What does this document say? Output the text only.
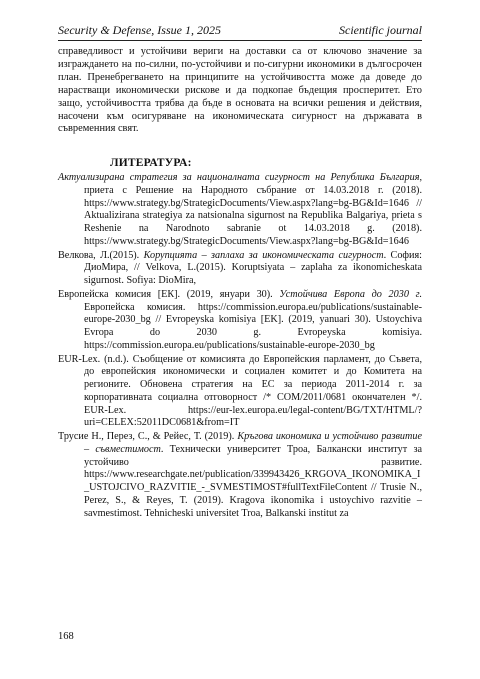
Security & Defense, Issue 1, 2025	Scientific journal

справедливост и устойчиви вериги на доставки са от ключово значение за изграждането на по-силни, по-устойчиви и по-сигурни икономики в дългосрочен план. Пренебрегването на принципите на устойчивостта може да доведе до нарастващи икономически рискове и да подкопае бъдещия просперитет. Ето защо, устойчивостта трябва да бъде в основата на всички решения и действия, насочени към осигуряване на икономическата сигурност на държавата в съвременния свят.

ЛИТЕРАТУРА:

Актуализирана стратегия за националната сигурност на Република България, приета с Решение на Народното събрание от 14.03.2018 г. (2018). https://www.strategy.bg/StrategicDocuments/View.aspx?lang=bg-BG&Id=1646 // Aktualizirana strategiya za natsionalna sigurnost na Republika Balgariya, prieta s Reshenie na Narodnoto sabranie ot 14.03.2018 g. (2018). https://www.strategy.bg/StrategicDocuments/View.aspx?lang=bg-BG&Id=1646

Велкова, Л.(2015). Корупцията – заплаха за икономическата сигурност. София: ДиоМира, // Velkova, L.(2015). Koruptsiyata – zaplaha za ikonomicheskata sigurnost. Sofiya: DioMira,

Европейска комисия [ЕК]. (2019, януари 30). Устойчива Европа до 2030 г. Европейска комисия. https://commission.europa.eu/publications/sustainable-europe-2030_bg // Evropeyska komisiya [EK]. (2019, yanuari 30). Ustoychiva Evropa do 2030 g. Evropeyska komisiya. https://commission.europa.eu/publications/sustainable-europe-2030_bg

EUR-Lex. (n.d.). Съобщение от комисията до Европейския парламент, до Съвета, до европейския икономически и социален комитет и до Комитета на регионите. Обновена стратегия на ЕС за периода 2011-2014 г. за корпоративната социална отговорност /* COM/2011/0681 окончателен */. EUR-Lex. https://eur-lex.europa.eu/legal-content/BG/TXT/HTML/?uri=CELEX:52011DC0681&from=IT

Трусие Н., Перез, С., & Рейес, Т. (2019). Кръгова икономика и устойчиво развитие – съвместимост. Технически университет Троа, Балкански институт за устойчиво развитие. https://www.researchgate.net/publication/339943426_KRGOVA_IKONOMIKA_I_USTOJCIVO_RAZVITIE_-_SVMESTIMOST#fullTextFileContent // Trusie N., Perez, S., & Reyes, T. (2019). Kragova ikonomika i ustoychivo razvitie – savmestimost. Tehnicheski universitet Troa, Balkanski institut za

168
